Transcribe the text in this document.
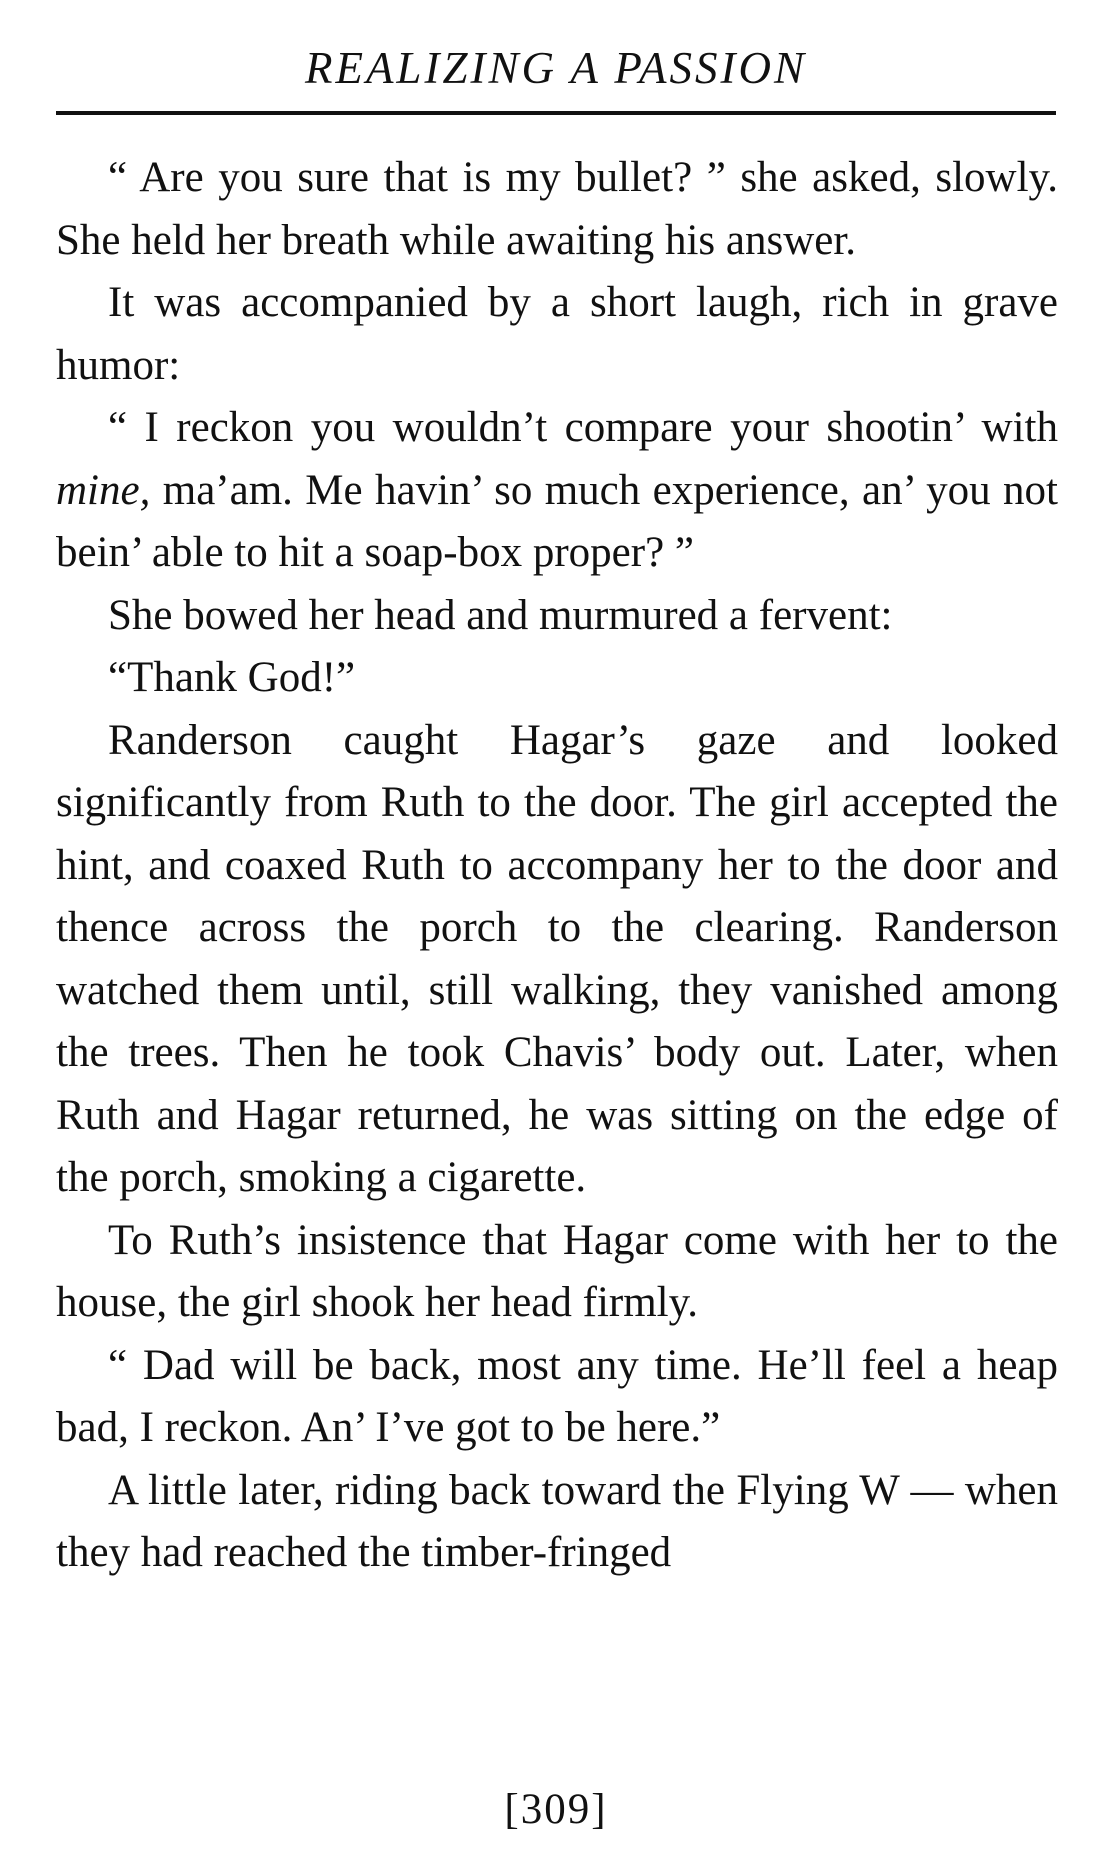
REALIZING A PASSION

“ Are you sure that is my bullet? ” she asked, slowly. She held her breath while awaiting his answer.

It was accompanied by a short laugh, rich in grave humor:

“ I reckon you wouldn’t compare your shootin’ with mine, ma’am. Me havin’ so much experience, an’ you not bein’ able to hit a soap-box proper? ”

She bowed her head and murmured a fervent:

“Thank God!”

Randerson caught Hagar’s gaze and looked significantly from Ruth to the door. The girl accepted the hint, and coaxed Ruth to accompany her to the door and thence across the porch to the clearing. Randerson watched them until, still walking, they vanished among the trees. Then he took Chavis’ body out. Later, when Ruth and Hagar returned, he was sitting on the edge of the porch, smoking a cigarette.

To Ruth’s insistence that Hagar come with her to the house, the girl shook her head firmly.

“ Dad will be back, most any time. He’ll feel a heap bad, I reckon. An’ I’ve got to be here.”

A little later, riding back toward the Flying W — when they had reached the timber-fringed

[309]
